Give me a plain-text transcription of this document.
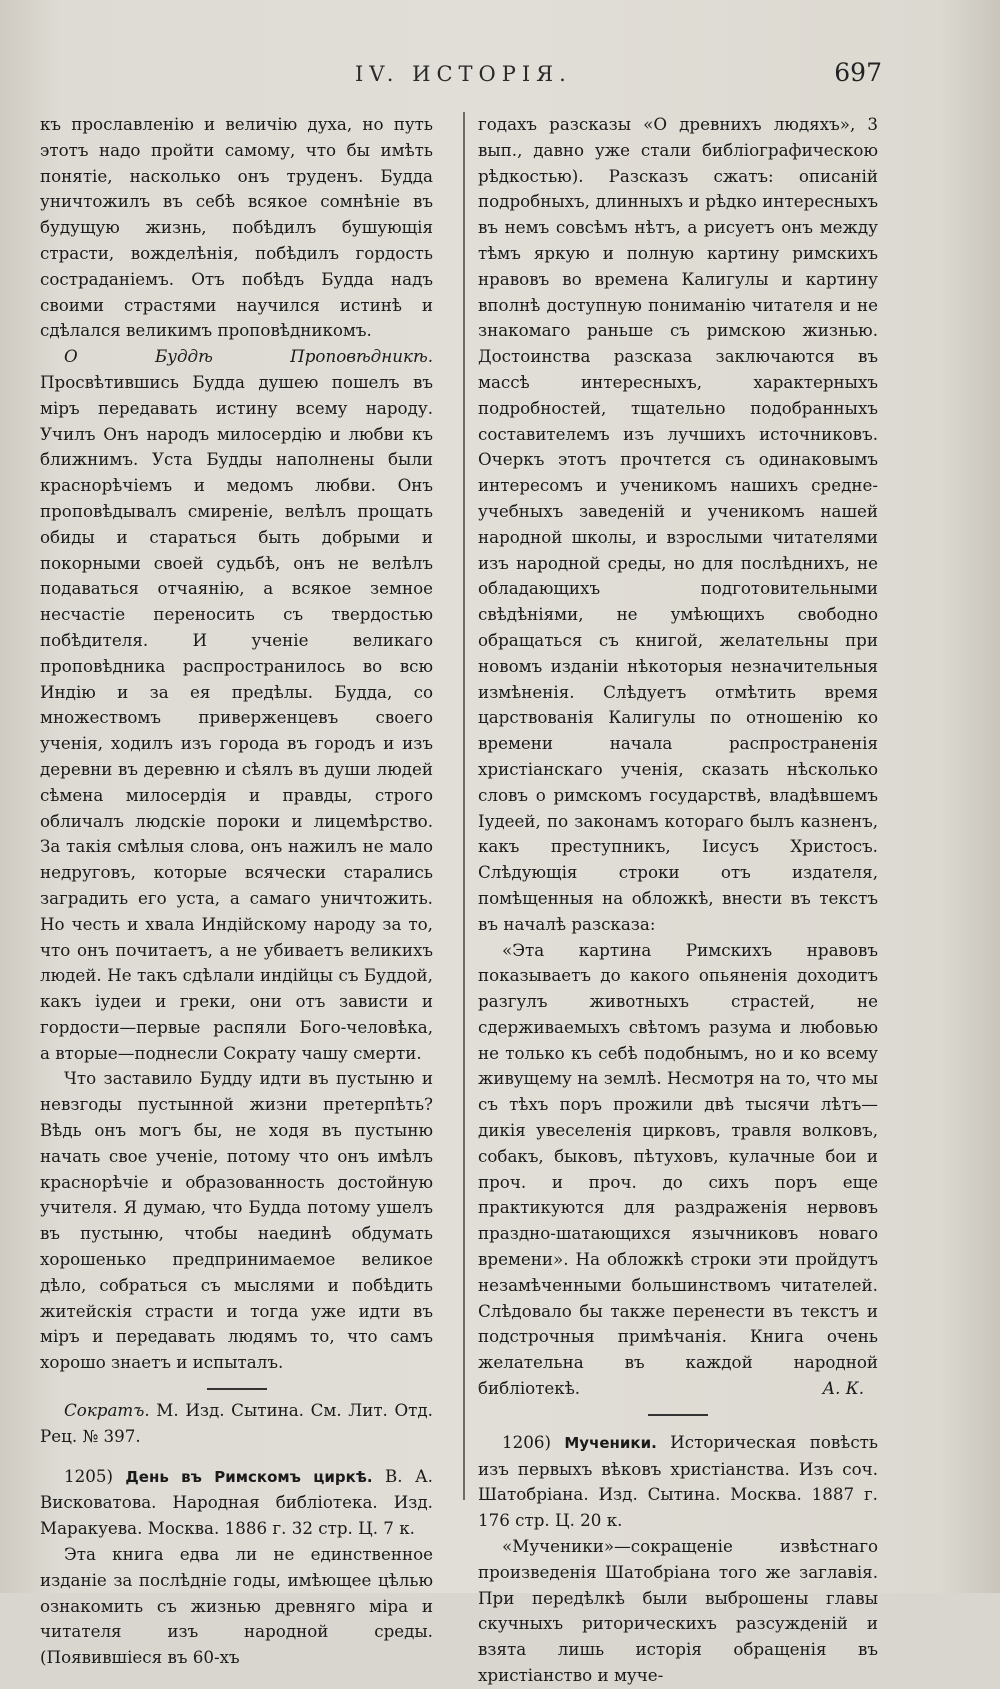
IV. ИСТОРІЯ.	697

къ прославленію и величію духа, но путь этотъ надо пройти самому, что бы имѣть понятіе, насколько онъ труденъ. Будда уничтожилъ въ себѣ всякое сомнѣніе въ будущую жизнь, побѣдилъ бушующія страсти, вожделѣнія, побѣдилъ гордость состраданіемъ. Отъ побѣдъ Будда надъ своими страстями научился истинѣ и сдѣлался великимъ проповѣдникомъ.

О Буддѣ Проповѣдникѣ. Просвѣтившись Будда душею пошелъ въ міръ передавать истину всему народу. Училъ Онъ народъ милосердію и любви къ ближнимъ. Уста Будды наполнены были краснорѣчіемъ и медомъ любви. Онъ проповѣдывалъ смиреніе, велѣлъ прощать обиды и стараться быть добрыми и покорными своей судьбѣ, онъ не велѣлъ подаваться отчаянію, а всякое земное несчастіе переносить съ твердостью побѣдителя. И ученіе великаго проповѣдника распространилось во всю Индію и за ея предѣлы. Будда, со множествомъ приверженцевъ своего ученія, ходилъ изъ города въ городъ и изъ деревни въ деревню и сѣялъ въ души людей сѣмена милосердія и правды, строго обличалъ людскіе пороки и лицемѣрство. За такія смѣлыя слова, онъ нажилъ не мало недруговъ, которые всячески старались заградить его уста, а самаго уничтожить. Но честь и хвала Индійскому народу за то, что онъ почитаетъ, а не убиваетъ великихъ людей. Не такъ сдѣлали индійцы съ Буддой, какъ іудеи и греки, они отъ зависти и гордости—первые распяли Бого-человѣка, а вторые—поднесли Сократу чашу смерти.

Что заставило Будду идти въ пустыню и невзгоды пустынной жизни претерпѣть? Вѣдь онъ могъ бы, не ходя въ пустыню начать свое ученіе, потому что онъ имѣлъ краснорѣчіе и образованность достойную учителя. Я думаю, что Будда потому ушелъ въ пустыню, чтобы наединѣ обдумать хорошенько предпринимаемое великое дѣло, собраться съ мыслями и побѣдить житейскія страсти и тогда уже идти въ міръ и передавать людямъ то, что самъ хорошо знаетъ и испыталъ.

Сократъ. М. Изд. Сытина. См. Лит. Отд. Рец. № 397.

1205) День въ Римскомъ циркѣ. В. А. Висковатова. Народная библіотека. Изд. Маракуева. Москва. 1886 г. 32 стр. Ц. 7 к.

Эта книга едва ли не единственное изданіе за послѣдніе годы, имѣющее цѣлью ознакомить съ жизнью древняго міра и читателя изъ народной среды. (Появившіеся въ 60-хъ

годахъ разсказы «О древнихъ людяхъ», 3 вып., давно уже стали библіографическою рѣдкостью). Разсказъ сжатъ: описаній подробныхъ, длинныхъ и рѣдко интересныхъ въ немъ совсѣмъ нѣтъ, а рисуетъ онъ между тѣмъ яркую и полную картину римскихъ нравовъ во времена Калигулы и картину вполнѣ доступную пониманію читателя и не знакомаго раньше съ римскою жизнью. Достоинства разсказа заключаются въ массѣ интересныхъ, характерныхъ подробностей, тщательно подобранныхъ составителемъ изъ лучшихъ источниковъ. Очеркъ этотъ прочтется съ одинаковымъ интересомъ и ученикомъ нашихъ средне-учебныхъ заведеній и ученикомъ нашей народной школы, и взрослыми читателями изъ народной среды, но для послѣднихъ, не обладающихъ подготовительными свѣдѣніями, не умѣющихъ свободно обращаться съ книгой, желательны при новомъ изданіи нѣкоторыя незначительныя измѣненія. Слѣдуетъ отмѣтить время царствованія Калигулы по отношенію ко времени начала распространенія христіанскаго ученія, сказать нѣсколько словъ о римскомъ государствѣ, владѣвшемъ Іудеей, по законамъ котораго былъ казненъ, какъ преступникъ, Іисусъ Христосъ. Слѣдующія строки отъ издателя, помѣщенныя на обложкѣ, внести въ текстъ въ началѣ разсказа:

«Эта картина Римскихъ нравовъ показываетъ до какого опьяненія доходитъ разгулъ животныхъ страстей, не сдерживаемыхъ свѣтомъ разума и любовью не только къ себѣ подобнымъ, но и ко всему живущему на землѣ. Несмотря на то, что мы съ тѣхъ поръ прожили двѣ тысячи лѣтъ—дикія увеселенія цирковъ, травля волковъ, собакъ, быковъ, пѣтуховъ, кулачные бои и проч. и проч. до сихъ поръ еще практикуются для раздраженія нервовъ праздно-шатающихся язычниковъ новаго времени». На обложкѣ строки эти пройдутъ незамѣченными большинствомъ читателей. Слѣдовало бы также перенести въ текстъ и подстрочныя примѣчанія. Книга очень желательна въ каждой народной библіотекѣ.	А. К.

1206) Мученики. Историческая повѣсть изъ первыхъ вѣковъ христіанства. Изъ соч. Шатобріана. Изд. Сытина. Москва. 1887 г. 176 стр. Ц. 20 к.

«Мученики»—сокращеніе извѣстнаго произведенія Шатобріана того же заглавія. При передѣлкѣ были выброшены главы скучныхъ риторическихъ разсужденій и взята лишь исторія обращенія въ христіанство и муче-
